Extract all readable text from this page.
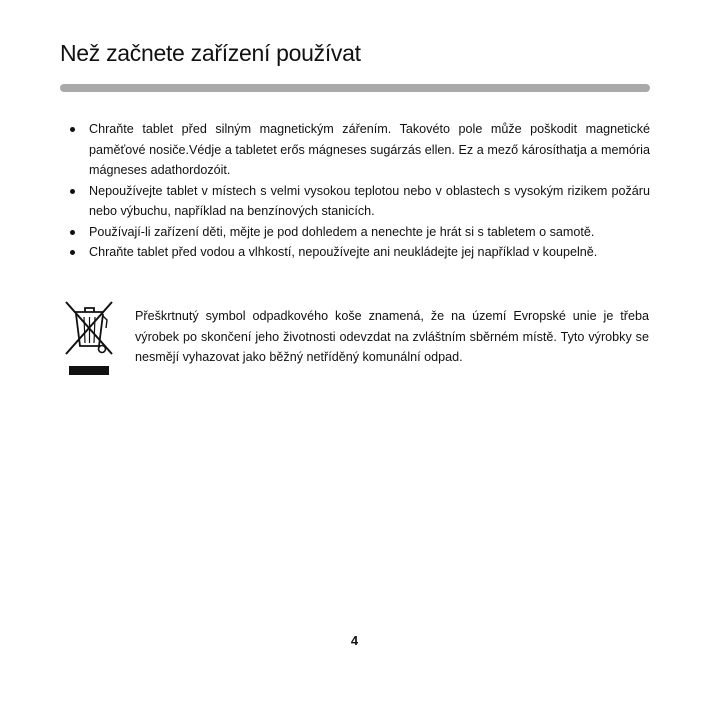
Než začnete zařízení používat
Chraňte tablet před silným magnetickým zářením. Takovéto pole může poškodit magnetické paměťové nosiče.Védje a tabletet erős mágneses sugárzás ellen. Ez a mező károsíthatja a memória mágneses adathordozóit.
Nepoužívejte tablet v místech s velmi vysokou teplotou nebo v oblastech s vysokým rizikem požáru nebo výbuchu, například na benzínových stanicích.
Používají-li zařízení děti, mějte je pod dohledem a nenechte je hrát si s tabletem o samotě.
Chraňte tablet před vodou a vlhkostí, nepoužívejte ani neukládejte jej například v koupelně.

Přeškrtnutý symbol odpadkového koše znamená, že na území Evropské unie je třeba výrobek po skončení jeho životnosti odevzdat na zvláštním sběrném místě. Tyto výrobky se nesmějí vyhazovat jako běžný netříděný komunální odpad.

4
